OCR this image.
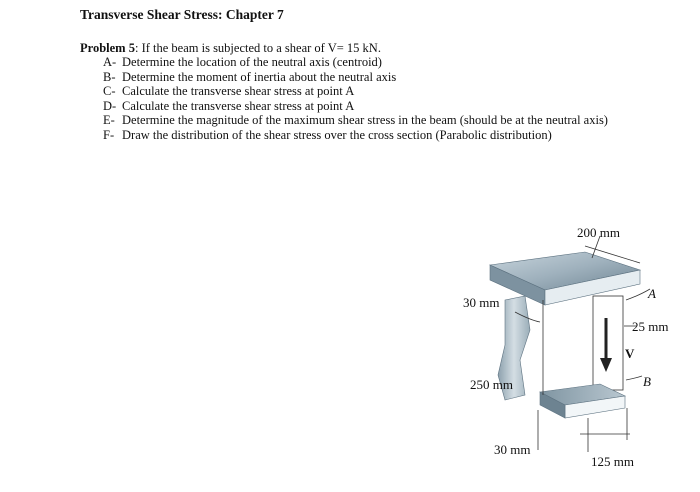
Transverse Shear Stress: Chapter 7
Problem 5: If the beam is subjected to a shear of V= 15 kN.
A- Determine the location of the neutral axis (centroid)
B- Determine the moment of inertia about the neutral axis
C- Calculate the transverse shear stress at point A
D- Calculate the transverse shear stress at point A
E- Determine the magnitude of the maximum shear stress in the beam (should be at the neutral axis)
F- Draw the distribution of the shear stress over the cross section (Parabolic distribution)
200 mm
30 mm
A
25 mm
V
B
250 mm
30 mm
125 mm
